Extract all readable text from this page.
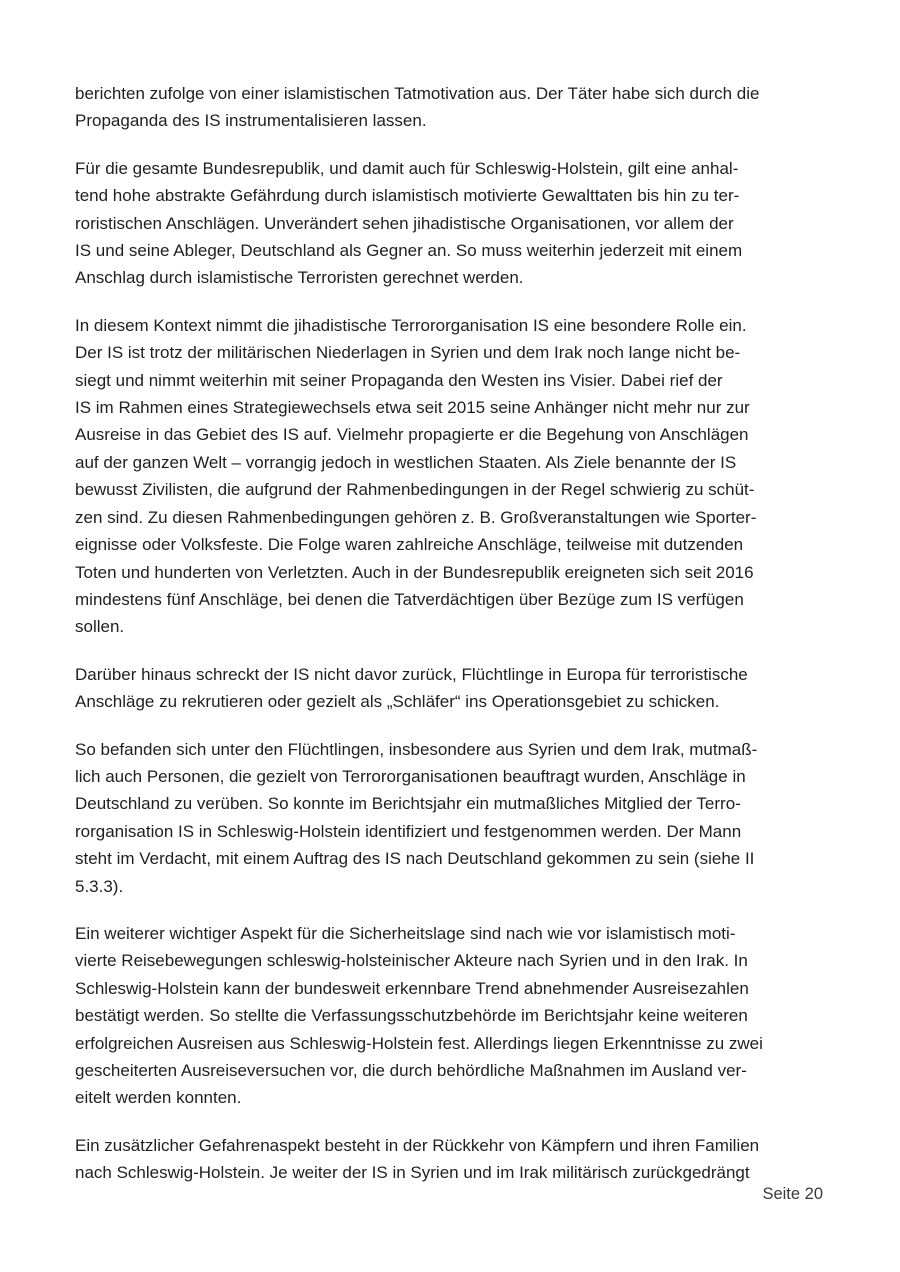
berichten zufolge von einer islamistischen Tatmotivation aus. Der Täter habe sich durch die
Propaganda des IS instrumentalisieren lassen.

Für die gesamte Bundesrepublik, und damit auch für Schleswig-Holstein, gilt eine anhal-
tend hohe abstrakte Gefährdung durch islamistisch motivierte Gewalttaten bis hin zu ter-
roristischen Anschlägen. Unverändert sehen jihadistische Organisationen, vor allem der
IS und seine Ableger, Deutschland als Gegner an. So muss weiterhin jederzeit mit einem
Anschlag durch islamistische Terroristen gerechnet werden.

In diesem Kontext nimmt die jihadistische Terrororganisation IS eine besondere Rolle ein.
Der IS ist trotz der militärischen Niederlagen in Syrien und dem Irak noch lange nicht be-
siegt und nimmt weiterhin mit seiner Propaganda den Westen ins Visier. Dabei rief der
IS im Rahmen eines Strategiewechsels etwa seit 2015 seine Anhänger nicht mehr nur zur
Ausreise in das Gebiet des IS auf. Vielmehr propagierte er die Begehung von Anschlägen
auf der ganzen Welt – vorrangig jedoch in westlichen Staaten. Als Ziele benannte der IS
bewusst Zivilisten, die aufgrund der Rahmenbedingungen in der Regel schwierig zu schüt-
zen sind. Zu diesen Rahmenbedingungen gehören z. B. Großveranstaltungen wie Sporter-
eignisse oder Volksfeste. Die Folge waren zahlreiche Anschläge, teilweise mit dutzenden
Toten und hunderten von Verletzten. Auch in der Bundesrepublik ereigneten sich seit 2016
mindestens fünf Anschläge, bei denen die Tatverdächtigen über Bezüge zum IS verfügen
sollen.

Darüber hinaus schreckt der IS nicht davor zurück, Flüchtlinge in Europa für terroristische
Anschläge zu rekrutieren oder gezielt als „Schläfer“ ins Operationsgebiet zu schicken.

So befanden sich unter den Flüchtlingen, insbesondere aus Syrien und dem Irak, mutmaß-
lich auch Personen, die gezielt von Terrororganisationen beauftragt wurden, Anschläge in
Deutschland zu verüben. So konnte im Berichtsjahr ein mutmaßliches Mitglied der Terro-
rorganisation IS in Schleswig-Holstein identifiziert und festgenommen werden. Der Mann
steht im Verdacht, mit einem Auftrag des IS nach Deutschland gekommen zu sein (siehe II
5.3.3).

Ein weiterer wichtiger Aspekt für die Sicherheitslage sind nach wie vor islamistisch moti-
vierte Reisebewegungen schleswig-holsteinischer Akteure nach Syrien und in den Irak. In
Schleswig-Holstein kann der bundesweit erkennbare Trend abnehmender Ausreisezahlen
bestätigt werden. So stellte die Verfassungsschutzbehörde im Berichtsjahr keine weiteren
erfolgreichen Ausreisen aus Schleswig-Holstein fest. Allerdings liegen Erkenntnisse zu zwei
gescheiterten Ausreiseversuchen vor, die durch behördliche Maßnahmen im Ausland ver-
eitelt werden konnten.

Ein zusätzlicher Gefahrenaspekt besteht in der Rückkehr von Kämpfern und ihren Familien
nach Schleswig-Holstein. Je weiter der IS in Syrien und im Irak militärisch zurückgedrängt

Seite 20
